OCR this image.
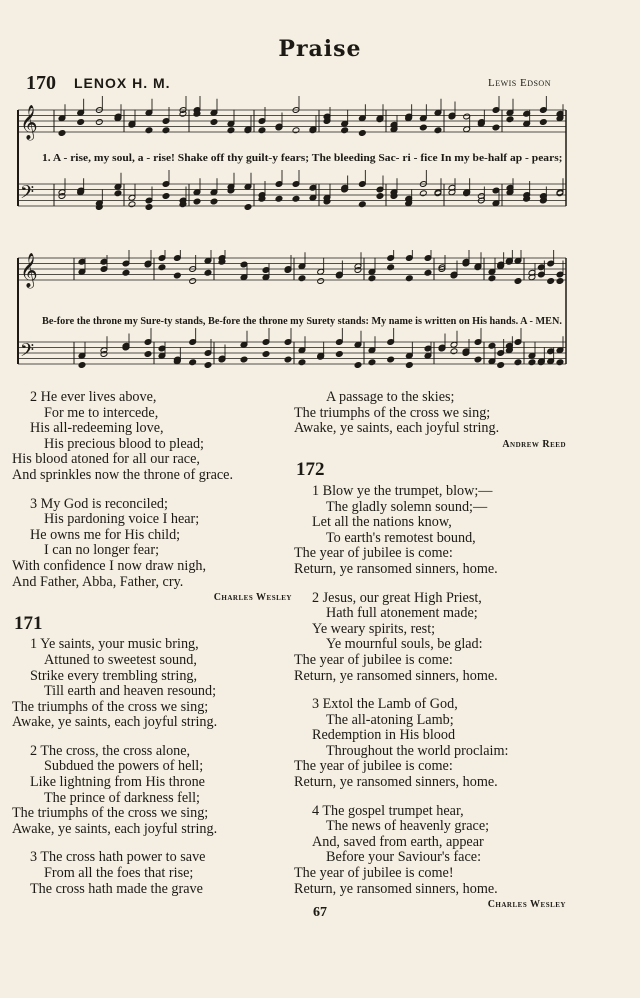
Praise
170 LENOX H. M.	Lewis Edson
𝄞
𝄢
1. A - rise, my soul, a - rise! Shake off thy guilt-y fears; The bleeding Sac- ri - fice In my be-half ap - pears;
𝄞
𝄢
Be-fore the throne my Sure-ty stands, Be-fore the throne my Surety stands: My name is written on His hands. A - MEN.
2 He ever lives above,
For me to intercede,
His all-redeeming love,
His precious blood to plead;
His blood atoned for all our race,
And sprinkles now the throne of grace.
3 My God is reconciled;
His pardoning voice I hear;
He owns me for His child;
I can no longer fear;
With confidence I now draw nigh,
And Father, Abba, Father, cry.
Charles Wesley
171
1 Ye saints, your music bring,
Attuned to sweetest sound,
Strike every trembling string,
Till earth and heaven resound;
The triumphs of the cross we sing;
Awake, ye saints, each joyful string.
2 The cross, the cross alone,
Subdued the powers of hell;
Like lightning from His throne
The prince of darkness fell;
The triumphs of the cross we sing;
Awake, ye saints, each joyful string.
3 The cross hath power to save
From all the foes that rise;
The cross hath made the grave
A passage to the skies;
The triumphs of the cross we sing;
Awake, ye saints, each joyful string.
Andrew Reed
172
1 Blow ye the trumpet, blow;—
The gladly solemn sound;—
Let all the nations know,
To earth's remotest bound,
The year of jubilee is come:
Return, ye ransomed sinners, home.
2 Jesus, our great High Priest,
Hath full atonement made;
Ye weary spirits, rest;
Ye mournful souls, be glad:
The year of jubilee is come:
Return, ye ransomed sinners, home.
3 Extol the Lamb of God,
The all-atoning Lamb;
Redemption in His blood
Throughout the world proclaim:
The year of jubilee is come:
Return, ye ransomed sinners, home.
4 The gospel trumpet hear,
The news of heavenly grace;
And, saved from earth, appear
Before your Saviour's face:
The year of jubilee is come!
Return, ye ransomed sinners, home.
Charles Wesley
67
